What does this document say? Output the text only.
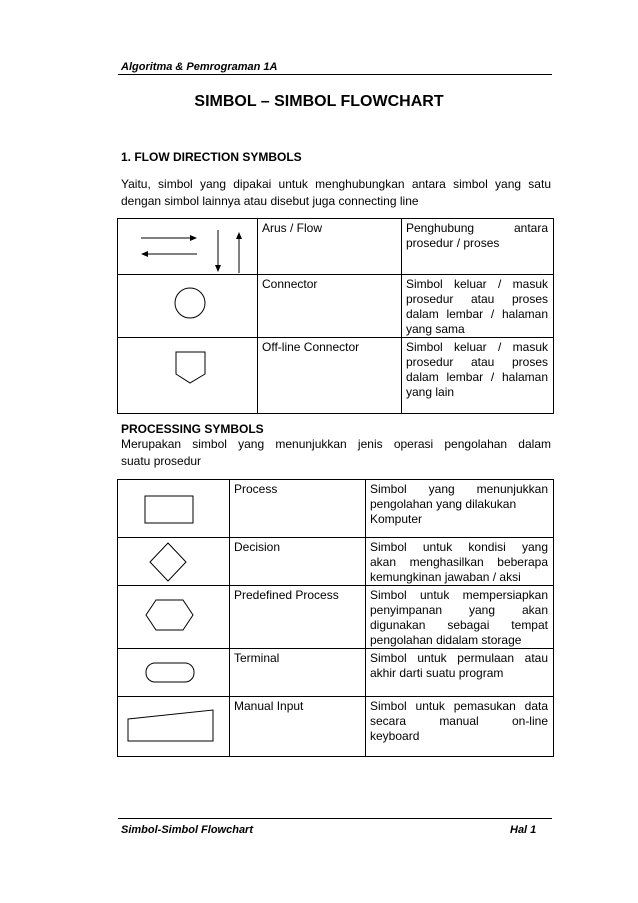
Algoritma & Pemrograman 1A
SIMBOL – SIMBOL FLOWCHART
1. FLOW DIRECTION SYMBOLS
Yaitu, simbol yang dipakai untuk menghubungkan antara simbol yang satu
dengan simbol lainnya atau disebut juga connecting line
	Arus / Flow	Penghubung antara
prosedur / proses

	Connector	Simbol keluar / masuk
prosedur atau proses
dalam lembar / halaman
yang sama

	Off-line Connector	Simbol keluar / masuk
prosedur atau proses
dalam lembar / halaman
yang lain
PROCESSING SYMBOLS
Merupakan simbol yang menunjukkan jenis operasi pengolahan dalam
suatu prosedur
	Process	Simbol yang menunjukkan
pengolahan yang dilakukan
Komputer

	Decision	Simbol untuk kondisi yang
akan menghasilkan beberapa
kemungkinan jawaban / aksi

	Predefined Process	Simbol untuk mempersiapkan
penyimpanan yang akan
digunakan sebagai tempat
pengolahan didalam storage

	Terminal	Simbol untuk permulaan atau
akhir darti suatu program

	Manual Input	Simbol untuk pemasukan data
secara manual on-line
keyboard
Simbol-Simbol Flowchart	Hal 1
